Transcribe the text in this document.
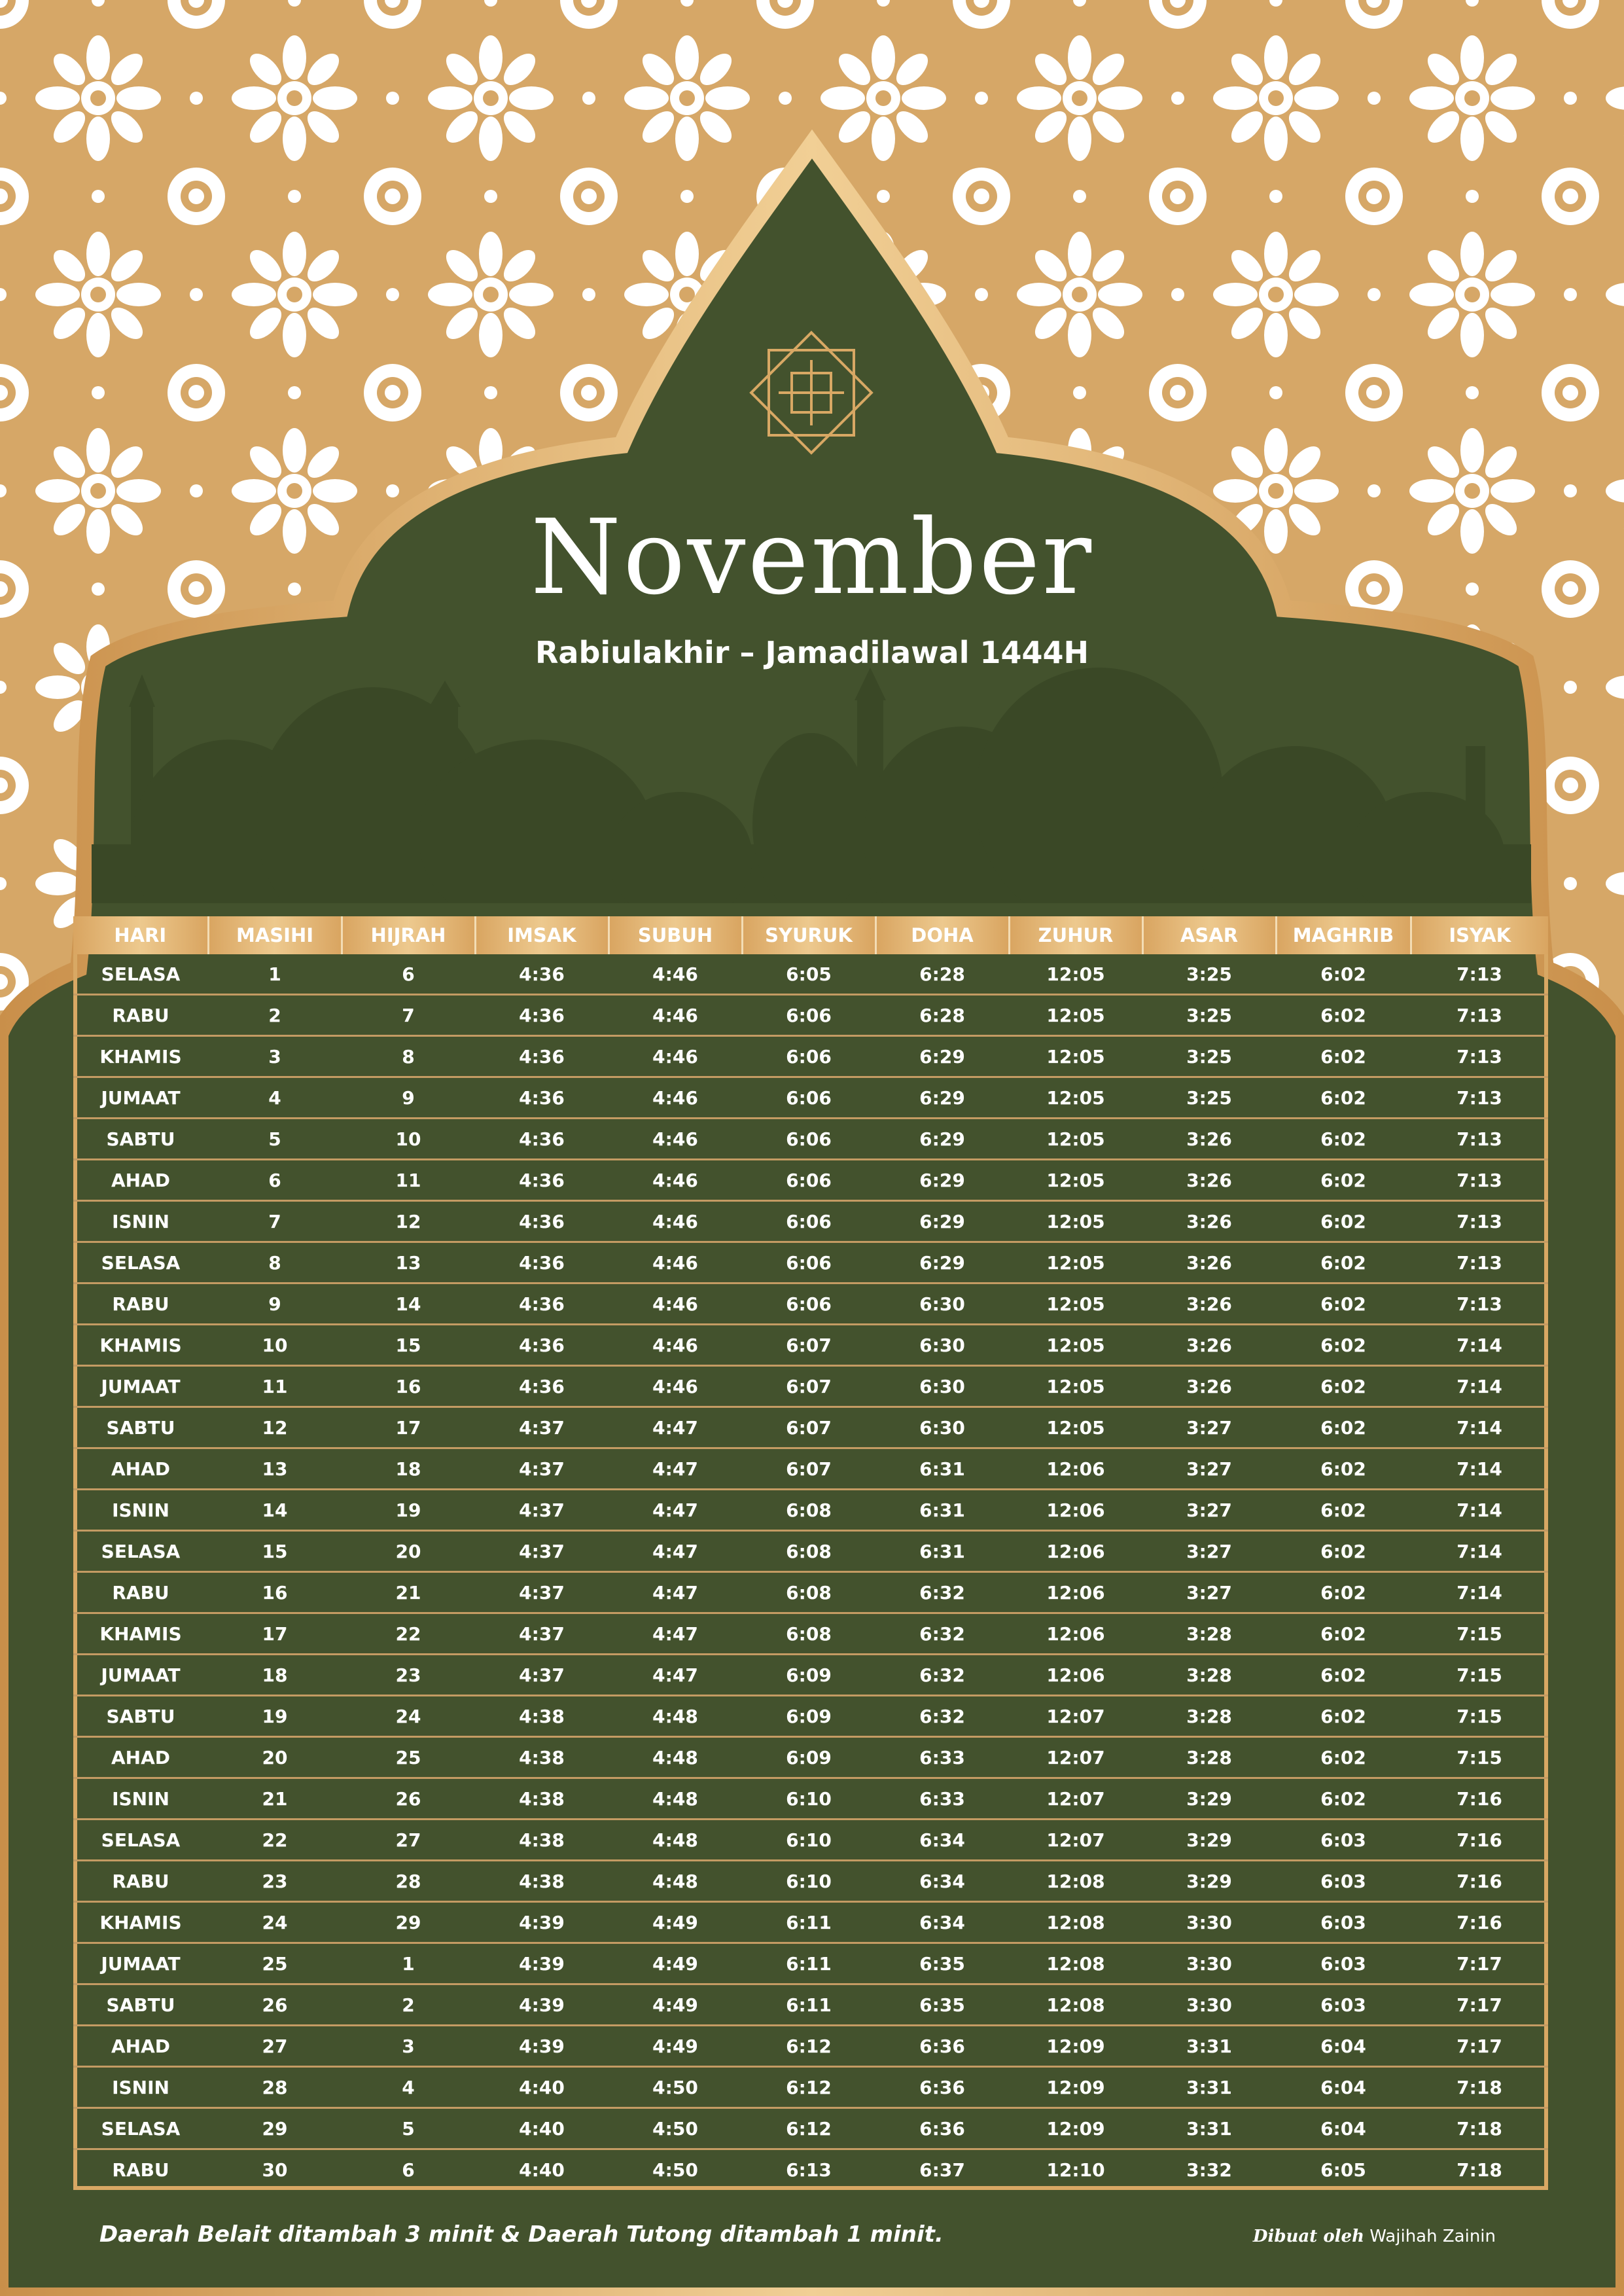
November
Rabiulakhir – Jamadilawal 1444H
HARI	MASIHI	HIJRAH	IMSAK	SUBUH	SYURUK	DOHA	ZUHUR	ASAR	MAGHRIB	ISYAK
SELASA	1	6	4:36	4:46	6:05	6:28	12:05	3:25	6:02	7:13
RABU	2	7	4:36	4:46	6:06	6:28	12:05	3:25	6:02	7:13
KHAMIS	3	8	4:36	4:46	6:06	6:29	12:05	3:25	6:02	7:13
JUMAAT	4	9	4:36	4:46	6:06	6:29	12:05	3:25	6:02	7:13
SABTU	5	10	4:36	4:46	6:06	6:29	12:05	3:26	6:02	7:13
AHAD	6	11	4:36	4:46	6:06	6:29	12:05	3:26	6:02	7:13
ISNIN	7	12	4:36	4:46	6:06	6:29	12:05	3:26	6:02	7:13
SELASA	8	13	4:36	4:46	6:06	6:29	12:05	3:26	6:02	7:13
RABU	9	14	4:36	4:46	6:06	6:30	12:05	3:26	6:02	7:13
KHAMIS	10	15	4:36	4:46	6:07	6:30	12:05	3:26	6:02	7:14
JUMAAT	11	16	4:36	4:46	6:07	6:30	12:05	3:26	6:02	7:14
SABTU	12	17	4:37	4:47	6:07	6:30	12:05	3:27	6:02	7:14
AHAD	13	18	4:37	4:47	6:07	6:31	12:06	3:27	6:02	7:14
ISNIN	14	19	4:37	4:47	6:08	6:31	12:06	3:27	6:02	7:14
SELASA	15	20	4:37	4:47	6:08	6:31	12:06	3:27	6:02	7:14
RABU	16	21	4:37	4:47	6:08	6:32	12:06	3:27	6:02	7:14
KHAMIS	17	22	4:37	4:47	6:08	6:32	12:06	3:28	6:02	7:15
JUMAAT	18	23	4:37	4:47	6:09	6:32	12:06	3:28	6:02	7:15
SABTU	19	24	4:38	4:48	6:09	6:32	12:07	3:28	6:02	7:15
AHAD	20	25	4:38	4:48	6:09	6:33	12:07	3:28	6:02	7:15
ISNIN	21	26	4:38	4:48	6:10	6:33	12:07	3:29	6:02	7:16
SELASA	22	27	4:38	4:48	6:10	6:34	12:07	3:29	6:03	7:16
RABU	23	28	4:38	4:48	6:10	6:34	12:08	3:29	6:03	7:16
KHAMIS	24	29	4:39	4:49	6:11	6:34	12:08	3:30	6:03	7:16
JUMAAT	25	1	4:39	4:49	6:11	6:35	12:08	3:30	6:03	7:17
SABTU	26	2	4:39	4:49	6:11	6:35	12:08	3:30	6:03	7:17
AHAD	27	3	4:39	4:49	6:12	6:36	12:09	3:31	6:04	7:17
ISNIN	28	4	4:40	4:50	6:12	6:36	12:09	3:31	6:04	7:18
SELASA	29	5	4:40	4:50	6:12	6:36	12:09	3:31	6:04	7:18
RABU	30	6	4:40	4:50	6:13	6:37	12:10	3:32	6:05	7:18
Daerah Belait ditambah 3 minit & Daerah Tutong ditambah 1 minit.	Dibuat oleh Wajihah Zainin
